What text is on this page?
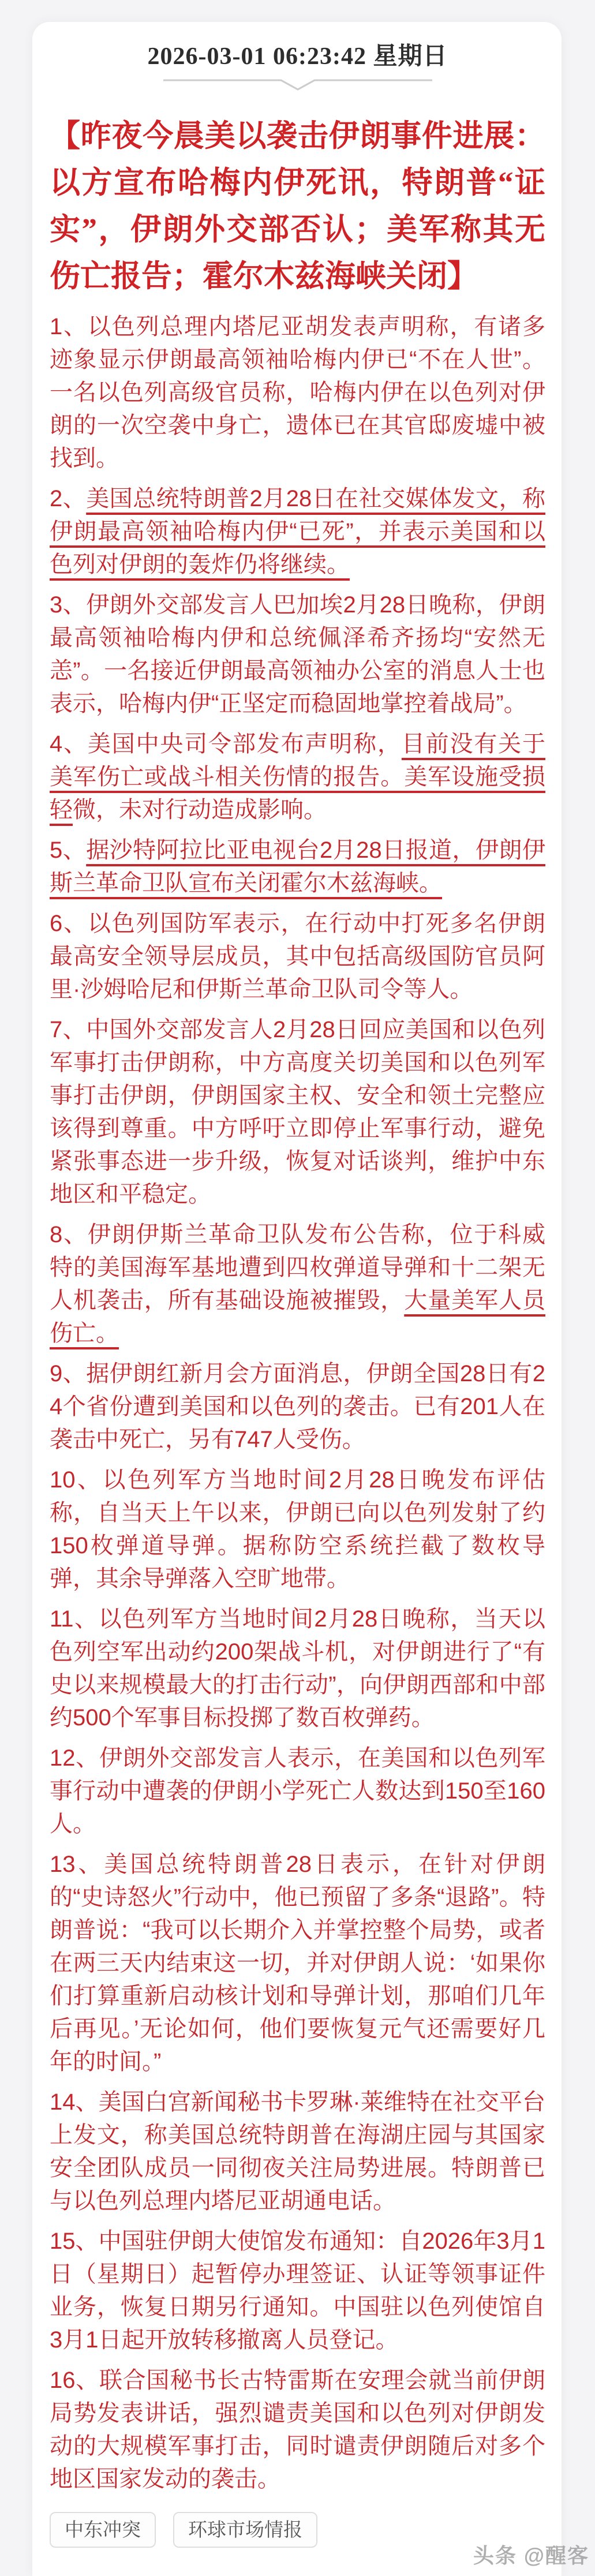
2026-03-01 06:23:42 星期日
【昨夜今晨美以袭击伊朗事件进展：以方宣布哈梅内伊死讯，特朗普“证实”，伊朗外交部否认；美军称其无伤亡报告；霍尔木兹海峡关闭】

1、以色列总理内塔尼亚胡发表声明称，有诸多迹象显示伊朗最高领袖哈梅内伊已“不在人世”。一名以色列高级官员称，哈梅内伊在以色列对伊朗的一次空袭中身亡，遗体已在其官邸废墟中被找到。

2、美国总统特朗普2月28日在社交媒体发文，称伊朗最高领袖哈梅内伊“已死”，并表示美国和以色列对伊朗的轰炸仍将继续。

3、伊朗外交部发言人巴加埃2月28日晚称，伊朗最高领袖哈梅内伊和总统佩泽希齐扬均“安然无恙”。一名接近伊朗最高领袖办公室的消息人士也表示，哈梅内伊“正坚定而稳固地掌控着战局”。

4、美国中央司令部发布声明称，目前没有关于美军伤亡或战斗相关伤情的报告。美军设施受损轻微，未对行动造成影响。

5、据沙特阿拉比亚电视台2月28日报道，伊朗伊斯兰革命卫队宣布关闭霍尔木兹海峡。

6、以色列国防军表示，在行动中打死多名伊朗最高安全领导层成员，其中包括高级国防官员阿里·沙姆哈尼和伊斯兰革命卫队司令等人。

7、中国外交部发言人2月28日回应美国和以色列军事打击伊朗称，中方高度关切美国和以色列军事打击伊朗，伊朗国家主权、安全和领土完整应该得到尊重。中方呼吁立即停止军事行动，避免紧张事态进一步升级，恢复对话谈判，维护中东地区和平稳定。

8、伊朗伊斯兰革命卫队发布公告称，位于科威特的美国海军基地遭到四枚弹道导弹和十二架无人机袭击，所有基础设施被摧毁，大量美军人员伤亡。

9、据伊朗红新月会方面消息，伊朗全国28日有24个省份遭到美国和以色列的袭击。已有201人在袭击中死亡，另有747人受伤。

10、以色列军方当地时间2月28日晚发布评估称，自当天上午以来，伊朗已向以色列发射了约150枚弹道导弹。据称防空系统拦截了数枚导弹，其余导弹落入空旷地带。

11、以色列军方当地时间2月28日晚称，当天以色列空军出动约200架战斗机，对伊朗进行了“有史以来规模最大的打击行动”，向伊朗西部和中部约500个军事目标投掷了数百枚弹药。

12、伊朗外交部发言人表示，在美国和以色列军事行动中遭袭的伊朗小学死亡人数达到150至160人。

13、美国总统特朗普28日表示，在针对伊朗的“史诗怒火”行动中，他已预留了多条“退路”。特朗普说：“我可以长期介入并掌控整个局势，或者在两三天内结束这一切，并对伊朗人说：‘如果你们打算重新启动核计划和导弹计划，那咱们几年后再见。’无论如何，他们要恢复元气还需要好几年的时间。”

14、美国白宫新闻秘书卡罗琳·莱维特在社交平台上发文，称美国总统特朗普在海湖庄园与其国家安全团队成员一同彻夜关注局势进展。特朗普已与以色列总理内塔尼亚胡通电话。

15、中国驻伊朗大使馆发布通知：自2026年3月1日（星期日）起暂停办理签证、认证等领事证件业务，恢复日期另行通知。中国驻以色列使馆自3月1日起开放转移撤离人员登记。

16、联合国秘书长古特雷斯在安理会就当前伊朗局势发表讲话，强烈谴责美国和以色列对伊朗发动的大规模军事打击，同时谴责伊朗随后对多个地区国家发动的袭击。

中东冲突	环球市场情报
头条 @醒客
